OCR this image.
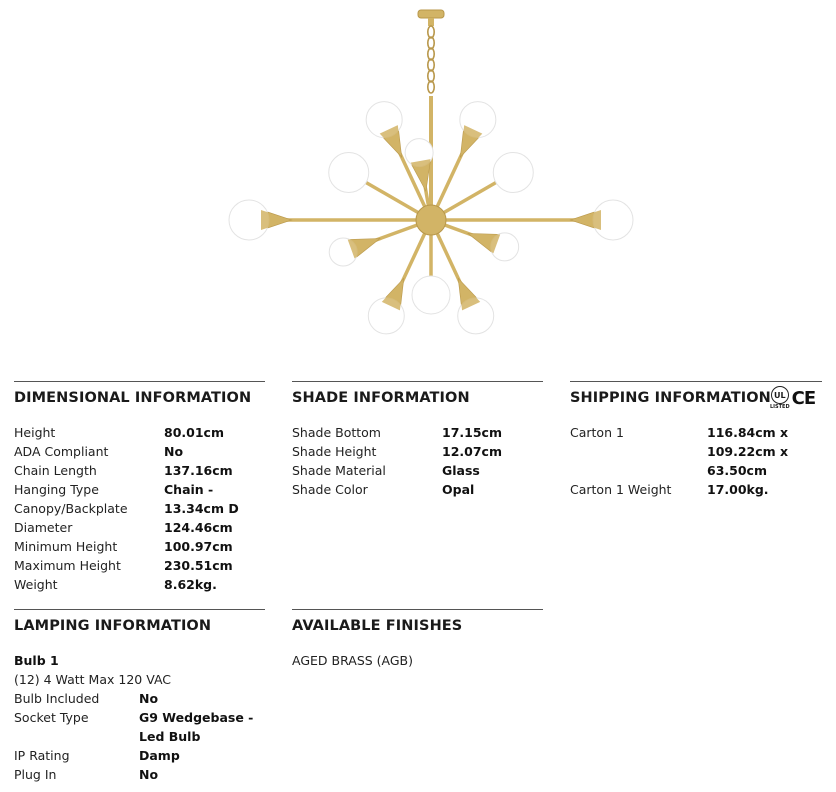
DIMENSIONAL INFORMATION
Height	80.01cm
ADA Compliant	No
Chain Length	137.16cm
Hanging Type	Chain -
Canopy/Backplate	13.34cm D
Diameter	124.46cm
Minimum Height	100.97cm
Maximum Height	230.51cm
Weight	8.62kg.
SHADE INFORMATION
Shade Bottom	17.15cm
Shade Height	12.07cm
Shade Material	Glass
Shade Color	Opal
SHIPPING INFORMATION UL
LISTED CE
Carton 1	116.84cm x
109.22cm x
63.50cm
Carton 1 Weight	17.00kg.
LAMPING INFORMATION
Bulb 1
(12) 4 Watt Max 120 VAC
Bulb Included	No
Socket Type	G9 Wedgebase - Led Bulb
IP Rating	Damp
Plug In	No
AVAILABLE FINISHES
AGED BRASS (AGB)
